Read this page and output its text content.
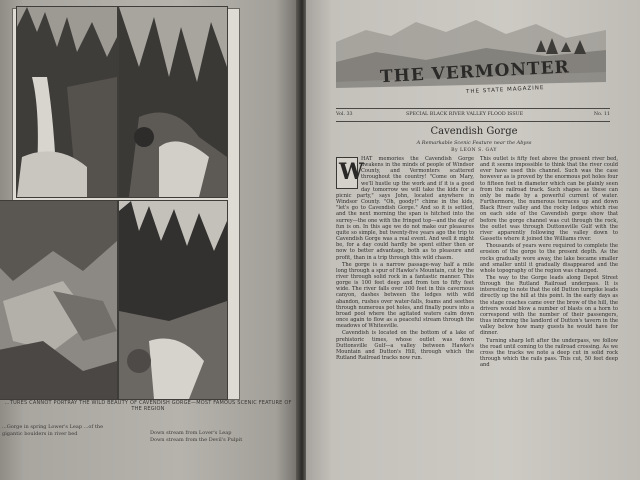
...TURES CANNOT PORTRAY THE WILD BEAUTY OF CAVENDISH GORGE—MOST FAMOUS SCENIC FEATURE OF THE REGION
...Gorge in spring Lower's Leap ...of the gigantic boulders in river bed	Down stream from Lover's Leap
Down stream from the Devil's Pulpit
THE VERMONTER
THE STATE MAGAZINE
Vol. 33	SPECIAL BLACK RIVER VALLEY FLOOD ISSUE	No. 11
Cavendish Gorge
A Remarkable Scenic Feature near the Abyss
By LEON S. GAY
W

HAT memories the Cavendish Gorge awakens in the minds of people of Windsor County, and Vermonters scattered throughout the country! "Come on Mary, we'll hustle up the work and if it is a good day tomorrow we will take the kids for a picnic party," says John, located anywhere in Windsor County. "Oh, goody!" chime in the kids, "let's go to Cavendish Gorge." And so it is settled, and the next morning the span is hitched into the surrey—the one with the fringed top—and the day of fun is on. In this age we do not make our pleasures quite so simple, but twenty-five years ago the trip to Cavendish Gorge was a real event. And well it might be, for a day could hardly be spent either then or now to better advantage, both as to pleasure and profit, than in a trip through this wild chasm.

The gorge is a narrow passage-way half a mile long through a spur of Hawke's Mountain, cut by the river through solid rock in a fantastic manner. This gorge is 100 feet deep and from ten to fifty feet wide. The river falls over 100 feet in this cavernous canyon, dashes between the ledges with wild abandon, rushes over water-falls, foams and seethes through numerous pot holes, and finally pours into a broad pool where the agitated waters calm down once again to flow as a peaceful stream through the meadows of Whitesville.

Cavendish is located on the bottom of a lake of prehistoric times, whose outlet was down Duttonsville Gulf—a valley between Hawke's Mountain and Dutton's Hill, through which the Rutland Railroad tracks now run.

This outlet is fifty feet above the present river bed, and it seems impossible to think that the river could ever have used this channel. Such was the case however as is proved by the enormous pot holes four to fifteen feet in diameter which can be plainly seen from the railroad track. Such shapes as these can only be made by a powerful current of water. Furthermore, the numerous terraces up and down Black River valley and the rocky ledges which rise on each side of the Cavendish gorge show that before the gorge channel was cut through the rock, the outlet was through Duttonsville Gulf with the river apparently following the valley down to Gassetts where it joined the Williams river.

Thousands of years were required to complete the erosion of the gorge to the present depth. As the rocks gradually wore away, the lake became smaller and smaller until it gradually disappeared and the whole topography of the region was changed.

The way to the Gorge leads along Depot Street through the Rutland Railroad underpass. It is interesting to note that the old Dutton turnpike leads directly up the hill at this point. In the early days as the stage coaches came over the brow of the hill, the drivers would blow a number of blasts on a horn to correspond with the number of their passengers, thus informing the landlord of Dutton's tavern in the valley below how many guests he would have for dinner.

Turning sharp left after the underpass, we follow the road until coming to the railroad crossing. As we cross the tracks we note a deep cut in solid rock through which the rails pass. This cut, 50 feet deep and
